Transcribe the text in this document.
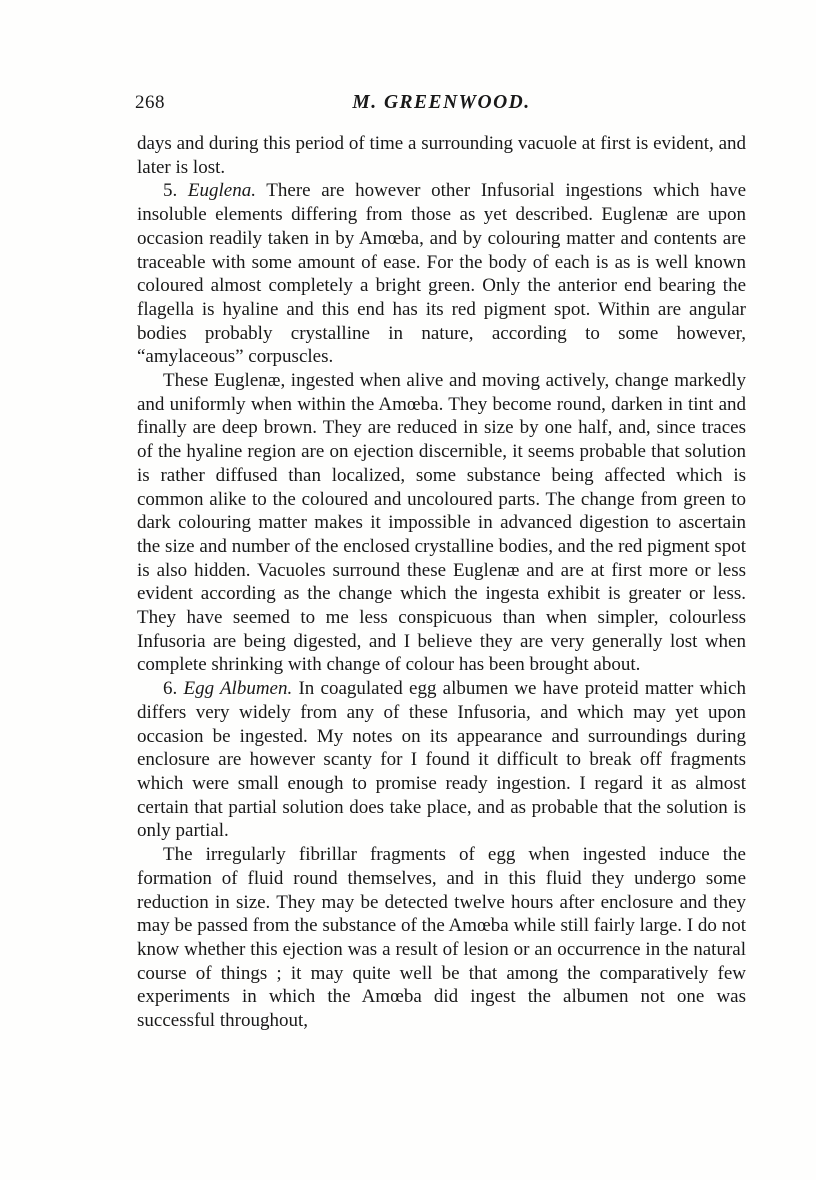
268	M. GREENWOOD.

days and during this period of time a surrounding vacuole at first is evident, and later is lost.

5. Euglena. There are however other Infusorial ingestions which have insoluble elements differing from those as yet described. Euglenæ are upon occasion readily taken in by Amœba, and by colouring matter and contents are traceable with some amount of ease. For the body of each is as is well known coloured almost completely a bright green. Only the anterior end bearing the flagella is hyaline and this end has its red pigment spot. Within are angular bodies probably crystalline in nature, according to some however, “amylaceous” corpuscles.

These Euglenæ, ingested when alive and moving actively, change markedly and uniformly when within the Amœba. They become round, darken in tint and finally are deep brown. They are reduced in size by one half, and, since traces of the hyaline region are on ejection discernible, it seems probable that solution is rather diffused than localized, some substance being affected which is common alike to the coloured and uncoloured parts. The change from green to dark colouring matter makes it impossible in advanced digestion to ascertain the size and number of the enclosed crystalline bodies, and the red pigment spot is also hidden. Vacuoles surround these Euglenæ and are at first more or less evident according as the change which the ingesta exhibit is greater or less. They have seemed to me less conspicuous than when simpler, colourless Infusoria are being digested, and I believe they are very generally lost when complete shrinking with change of colour has been brought about.

6. Egg Albumen. In coagulated egg albumen we have proteid matter which differs very widely from any of these Infusoria, and which may yet upon occasion be ingested. My notes on its appearance and surroundings during enclosure are however scanty for I found it difficult to break off fragments which were small enough to promise ready ingestion. I regard it as almost certain that partial solution does take place, and as probable that the solution is only partial.

The irregularly fibrillar fragments of egg when ingested induce the formation of fluid round themselves, and in this fluid they undergo some reduction in size. They may be detected twelve hours after enclosure and they may be passed from the substance of the Amœba while still fairly large. I do not know whether this ejection was a result of lesion or an occurrence in the natural course of things ; it may quite well be that among the comparatively few experiments in which the Amœba did ingest the albumen not one was successful throughout,
